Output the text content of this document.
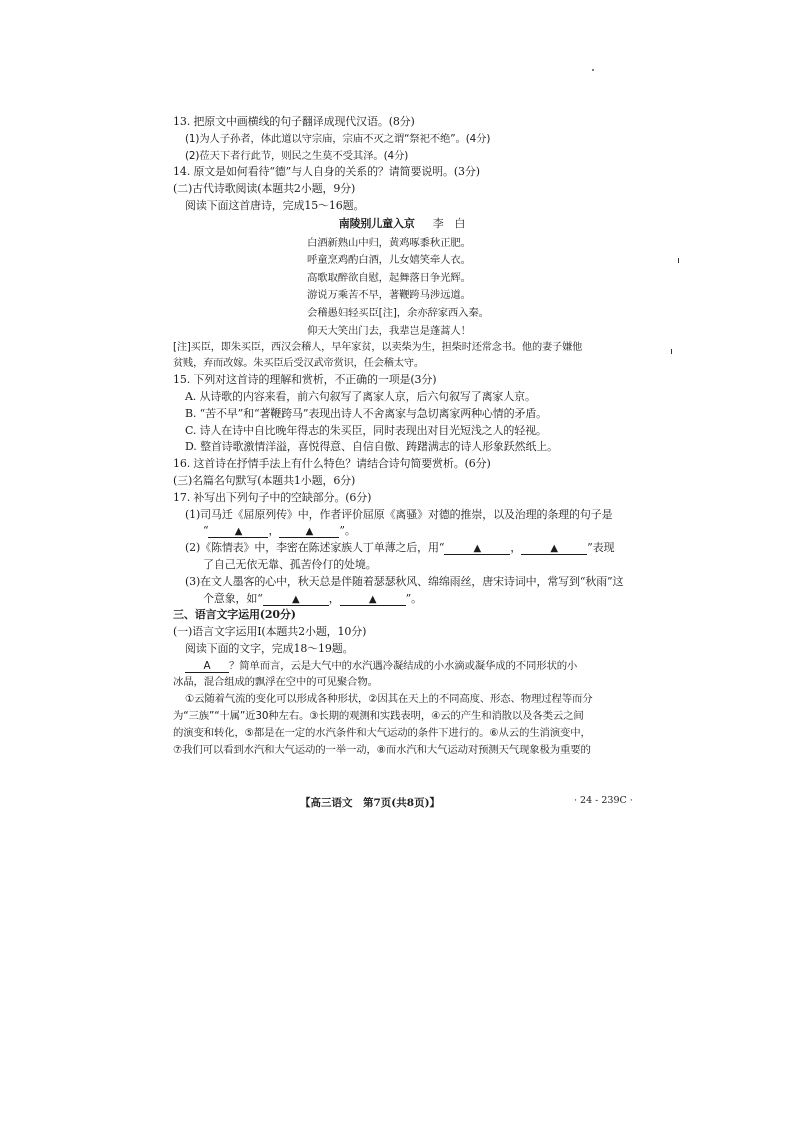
13. 把原文中画横线的句子翻译成现代汉语。(8分)
(1)为人子孙者，体此道以守宗庙，宗庙不灭之谓“祭祀不绝”。(4分)
(2)莅天下者行此节，则民之生莫不受其泽。(4分)
14. 原文是如何看待“德”与人自身的关系的？请简要说明。(3分)
(二)古代诗歌阅读(本题共2小题，9分)
阅读下面这首唐诗，完成15～16题。
南陵别儿童入京 李　白
白酒新熟山中归，黄鸡啄黍秋正肥。
呼童烹鸡酌白酒，儿女嬉笑牵人衣。
高歌取醉欲自慰，起舞落日争光辉。
游说万乘苦不早，著鞭跨马涉远道。
会稽愚妇轻买臣[注]，余亦辞家西入秦。
仰天大笑出门去，我辈岂是蓬蒿人！
[注]买臣，即朱买臣，西汉会稽人，早年家贫，以卖柴为生，担柴时还常念书。他的妻子嫌他
贫贱，弃而改嫁。朱买臣后受汉武帝赏识，任会稽太守。
15. 下列对这首诗的理解和赏析，不正确的一项是(3分)
A. 从诗歌的内容来看，前六句叙写了离家人京，后六句叙写了离家人京。
B. “苦不早”和“著鞭跨马”表现出诗人不舍离家与急切离家两种心情的矛盾。
C. 诗人在诗中自比晚年得志的朱买臣，同时表现出对目光短浅之人的轻视。
D. 整首诗歌激情洋溢，喜悦得意、自信自傲、踌躇满志的诗人形象跃然纸上。
16. 这首诗在抒情手法上有什么特色？请结合诗句简要赏析。(6分)
(三)名篇名句默写(本题共1小题，6分)
17. 补写出下列句子中的空缺部分。(6分)
(1)司马迁《屈原列传》中，作者评价屈原《离骚》对德的推崇，以及治理的条理的句子是
“	▲ ，	▲ ”。
(2)《陈情表》中，李密在陈述家族人丁单薄之后，用“	▲	，	▲	”表现
了自己无依无靠、孤苦伶仃的处境。
(3)在文人墨客的心中，秋天总是伴随着瑟瑟秋风、绵绵雨丝，唐宋诗词中，常写到“秋雨”这
个意象，如“	▲	，	▲	”。
三、语言文字运用(20分)
(一)语言文字运用Ⅰ(本题共2小题，10分)
阅读下面的文字，完成18～19题。
A ？简单而言，云是大气中的水汽遇冷凝结成的小水滴或凝华成的不同形状的小
冰晶，混合组成的飘浮在空中的可见聚合物。
①云随着气流的变化可以形成各种形状，②因其在天上的不同高度、形态、物理过程等而分
为“三族”“十属”近30种左右。③长期的观测和实践表明，④云的产生和消散以及各类云之间
的演变和转化，⑤都是在一定的水汽条件和大气运动的条件下进行的。⑥从云的生消演变中，
⑦我们可以看到水汽和大气运动的一举一动，⑧而水汽和大气运动对预测天气现象极为重要的
【高三语文　第7页(共8页)】	· 24 - 239C ·
